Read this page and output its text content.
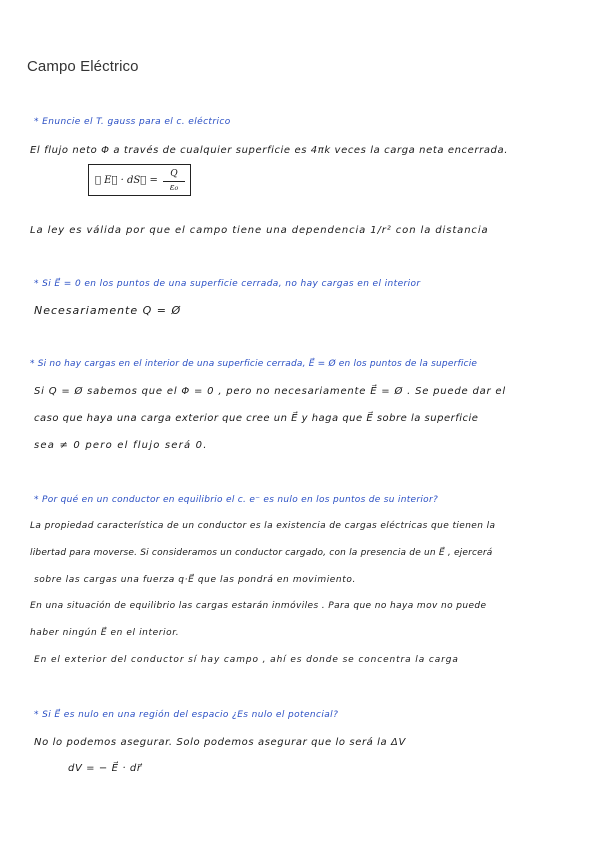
Campo Eléctrico
* Enuncie el T. gauss para el c. eléctrico
El flujo neto Φ a través de cualquier superficie es 4πk veces la carga neta encerrada.
∮ E⃗ · dS⃗ =
Q
ε₀
La ley es válida por que el campo tiene una dependencia 1/r² con la distancia
* Si E⃗ = 0 en los puntos de una superficie cerrada, no hay cargas en el interior
Necesariamente Q = Ø
* Si no hay cargas en el interior de una superficie cerrada, E⃗ = Ø en los puntos de la superficie
Si Q = Ø sabemos que el Φ = 0 , pero no necesariamente E⃗ = Ø . Se puede dar el
caso que haya una carga exterior que cree un E⃗ y haga que E⃗ sobre la superficie
sea ≠ 0 pero el flujo será 0.
* Por qué en un conductor en equilibrio el c. e⁻ es nulo en los puntos de su interior?
La propiedad característica de un conductor es la existencia de cargas eléctricas que tienen la
libertad para moverse. Si consideramos un conductor cargado, con la presencia de un E⃗ , ejercerá
sobre las cargas una fuerza q·E⃗ que las pondrá en movimiento.
En una situación de equilibrio las cargas estarán inmóviles . Para que no haya mov no puede
haber ningún E⃗ en el interior.
En el exterior del conductor sí hay campo , ahí es donde se concentra la carga
* Si E⃗ es nulo en una región del espacio ¿Es nulo el potencial?
No lo podemos asegurar. Solo podemos asegurar que lo será la ΔV
dV = − E⃗ · dr⃗
